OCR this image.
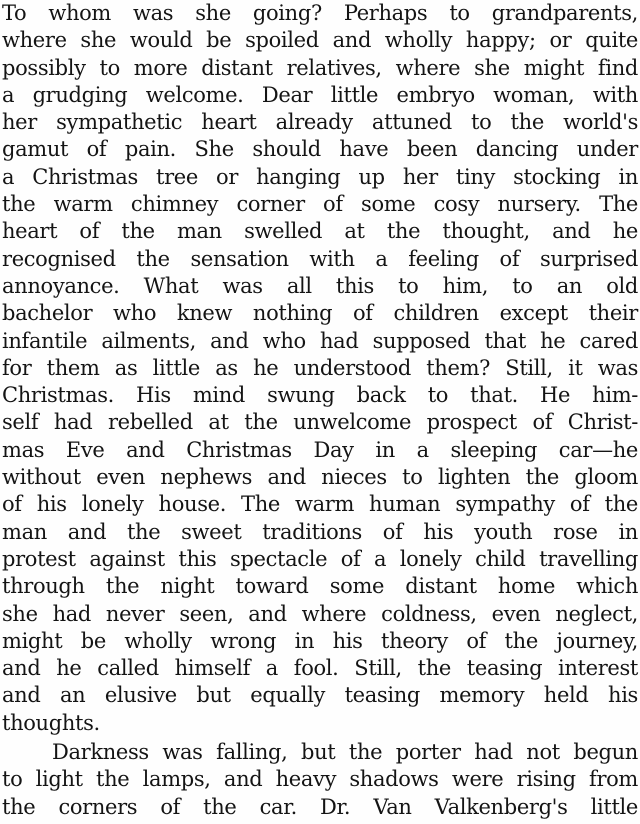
To whom was she going? Perhaps to grandparents,
where she would be spoiled and wholly happy; or quite
possibly to more distant relatives, where she might find
a grudging welcome. Dear little embryo woman, with
her sympathetic heart already attuned to the world's
gamut of pain. She should have been dancing under
a Christmas tree or hanging up her tiny stocking in
the warm chimney corner of some cosy nursery. The
heart of the man swelled at the thought, and he
recognised the sensation with a feeling of surprised
annoyance. What was all this to him, to an old
bachelor who knew nothing of children except their
infantile ailments, and who had supposed that he cared
for them as little as he understood them? Still, it was
Christmas. His mind swung back to that. He him-
self had rebelled at the unwelcome prospect of Christ-
mas Eve and Christmas Day in a sleeping car—he
without even nephews and nieces to lighten the gloom
of his lonely house. The warm human sympathy of the
man and the sweet traditions of his youth rose in
protest against this spectacle of a lonely child travelling
through the night toward some distant home which
she had never seen, and where coldness, even neglect,
might be wholly wrong in his theory of the journey,
and he called himself a fool. Still, the teasing interest
and an elusive but equally teasing memory held his
thoughts.
Darkness was falling, but the porter had not begun
to light the lamps, and heavy shadows were rising from
the corners of the car. Dr. Van Valkenberg's little
